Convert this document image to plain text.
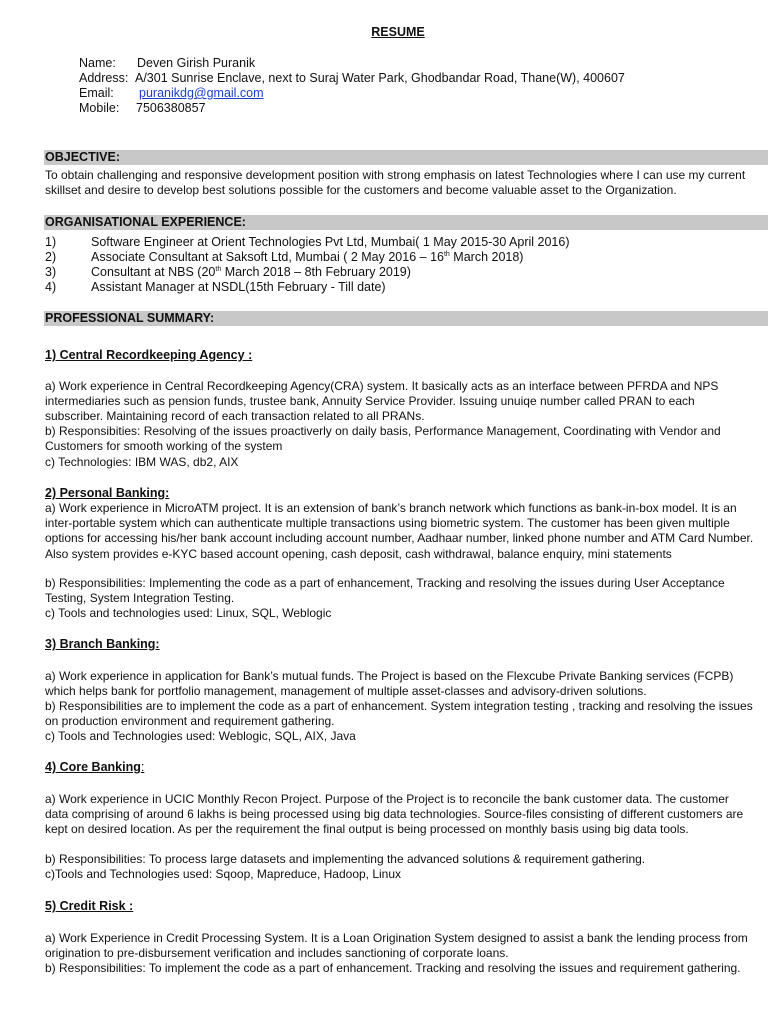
RESUME
Name: Deven Girish Puranik
Address: A/301 Sunrise Enclave, next to Suraj Water Park, Ghodbandar Road, Thane(W), 400607
Email: puranikdg@gmail.com
Mobile: 7506380857
OBJECTIVE:
To obtain challenging and responsive development position with strong emphasis on latest Technologies where I can use my current skillset and desire to develop best solutions possible for the customers and become valuable asset to the Organization.
ORGANISATIONAL EXPERIENCE:
1)	Software Engineer at Orient Technologies Pvt Ltd, Mumbai( 1 May 2015-30 April 2016)
2)	Associate Consultant at Saksoft Ltd, Mumbai ( 2 May 2016 – 16th March 2018)
3)	Consultant at NBS (20th March 2018 – 8th February 2019)
4)	Assistant Manager at NSDL(15th February - Till date)
PROFESSIONAL SUMMARY:
1) Central Recordkeeping Agency :
a) Work experience in Central Recordkeeping Agency(CRA) system. It basically acts as an interface between PFRDA and NPS intermediaries such as pension funds, trustee bank, Annuity Service Provider. Issuing unuiqe number called PRAN to each subscriber. Maintaining record of each transaction related to all PRANs.
b) Responsibities: Resolving of the issues proactiverly on daily basis, Performance Management, Coordinating with Vendor and Customers for smooth working of the system
c) Technologies: IBM WAS, db2, AIX
2) Personal Banking:
a) Work experience in MicroATM project. It is an extension of bank’s branch network which functions as bank-in-box model. It is an inter-portable system which can authenticate multiple transactions using biometric system. The customer has been given multiple options for accessing his/her bank account including account number, Aadhaar number, linked phone number and ATM Card Number. Also system provides e-KYC based account opening, cash deposit, cash withdrawal, balance enquiry, mini statements
b) Responsibilities: Implementing the code as a part of enhancement, Tracking and resolving the issues during User Acceptance Testing, System Integration Testing.
c) Tools and technologies used: Linux, SQL, Weblogic
3) Branch Banking:
a) Work experience in application for Bank’s mutual funds. The Project is based on the Flexcube Private Banking services (FCPB) which helps bank for portfolio management, management of multiple asset-classes and advisory-driven solutions.
b) Responsibilities are to implement the code as a part of enhancement. System integration testing , tracking and resolving the issues on production environment and requirement gathering.
c) Tools and Technologies used: Weblogic, SQL, AIX, Java
4) Core Banking:
a) Work experience in UCIC Monthly Recon Project. Purpose of the Project is to reconcile the bank customer data. The customer data comprising of around 6 lakhs is being processed using big data technologies. Source-files consisting of different customers are kept on desired location. As per the requirement the final output is being processed on monthly basis using big data tools.
b) Responsibilities: To process large datasets and implementing the advanced solutions & requirement gathering.
c)Tools and Technologies used: Sqoop, Mapreduce, Hadoop, Linux
5) Credit Risk :
a) Work Experience in Credit Processing System. It is a Loan Origination System designed to assist a bank the lending process from origination to pre-disbursement verification and includes sanctioning of corporate loans.
b) Responsibilities: To implement the code as a part of enhancement. Tracking and resolving the issues and requirement gathering.
